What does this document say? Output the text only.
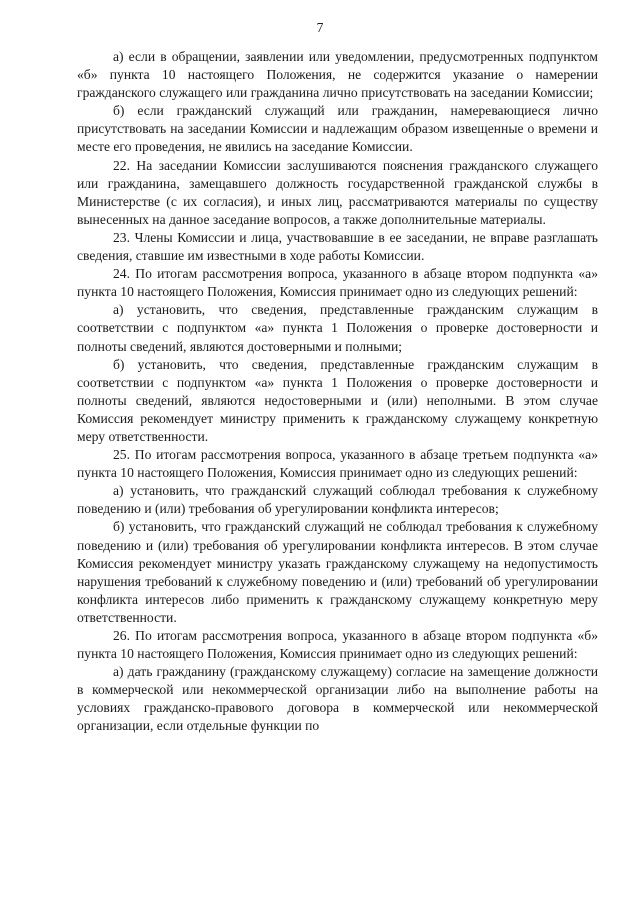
7

а) если в обращении, заявлении или уведомлении, предусмотренных подпунктом «б» пункта 10 настоящего Положения, не содержится указание о намерении гражданского служащего или гражданина лично присутствовать на заседании Комиссии;

б) если гражданский служащий или гражданин, намеревающиеся лично присутствовать на заседании Комиссии и надлежащим образом извещенные о времени и месте его проведения, не явились на заседание Комиссии.

22. На заседании Комиссии заслушиваются пояснения гражданского служащего или гражданина, замещавшего должность государственной гражданской службы в Министерстве (с их согласия), и иных лиц, рассматриваются материалы по существу вынесенных на данное заседание вопросов, а также дополнительные материалы.

23. Члены Комиссии и лица, участвовавшие в ее заседании, не вправе разглашать сведения, ставшие им известными в ходе работы Комиссии.

24. По итогам рассмотрения вопроса, указанного в абзаце втором подпункта «а» пункта 10 настоящего Положения, Комиссия принимает одно из следующих решений:

а) установить, что сведения, представленные гражданским служащим в соответствии с подпунктом «а» пункта 1 Положения о проверке достоверности и полноты сведений, являются достоверными и полными;

б) установить, что сведения, представленные гражданским служащим в соответствии с подпунктом «а» пункта 1 Положения о проверке достоверности и полноты сведений, являются недостоверными и (или) неполными. В этом случае Комиссия рекомендует министру применить к гражданскому служащему конкретную меру ответственности.

25. По итогам рассмотрения вопроса, указанного в абзаце третьем подпункта «а» пункта 10 настоящего Положения, Комиссия принимает одно из следующих решений:

а) установить, что гражданский служащий соблюдал требования к служебному поведению и (или) требования об урегулировании конфликта интересов;

б) установить, что гражданский служащий не соблюдал требования к служебному поведению и (или) требования об урегулировании конфликта интересов. В этом случае Комиссия рекомендует министру указать гражданскому служащему на недопустимость нарушения требований к служебному поведению и (или) требований об урегулировании конфликта интересов либо применить к гражданскому служащему конкретную меру ответственности.

26. По итогам рассмотрения вопроса, указанного в абзаце втором подпункта «б» пункта 10 настоящего Положения, Комиссия принимает одно из следующих решений:

а) дать гражданину (гражданскому служащему) согласие на замещение должности в коммерческой или некоммерческой организации либо на выполнение работы на условиях гражданско-правового договора в коммерческой или некоммерческой организации, если отдельные функции по
